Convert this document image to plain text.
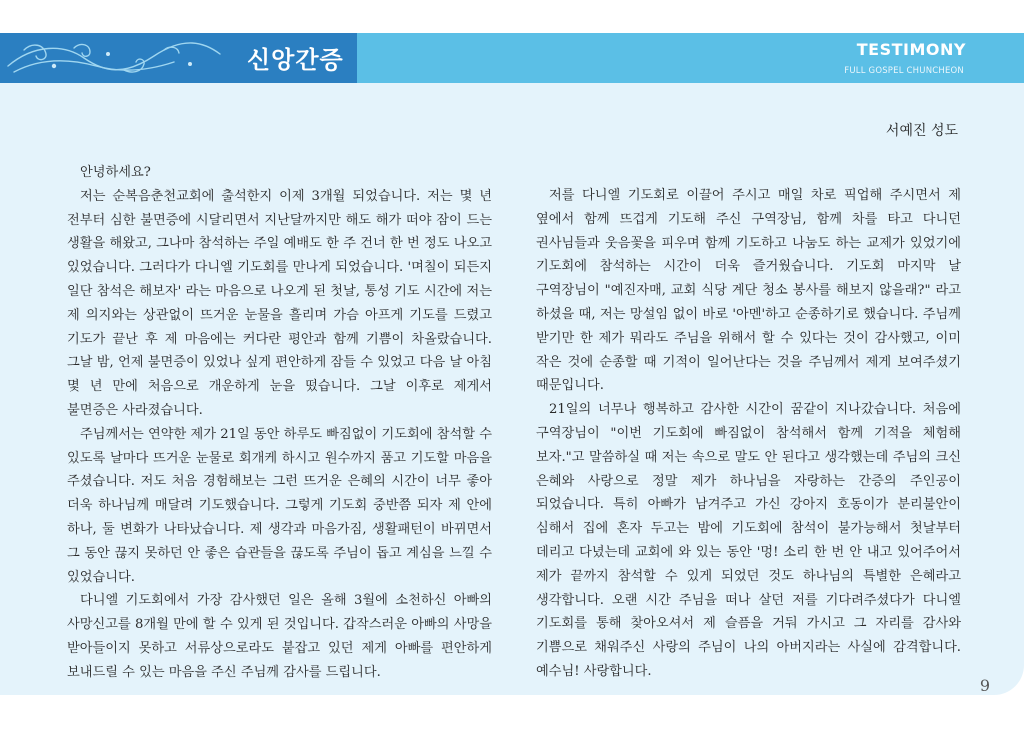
신앙간증	TESTIMONY
FULL GOSPEL CHUNCHEON
서예진 성도

안녕하세요?

저는 순복음춘천교회에 출석한지 이제 3개월 되었습니다. 저는 몇 년 전부터 심한 불면증에 시달리면서 지난달까지만 해도 해가 떠야 잠이 드는 생활을 해왔고, 그나마 참석하는 주일 예배도 한 주 건너 한 번 정도 나오고 있었습니다. 그러다가 다니엘 기도회를 만나게 되었습니다. '며칠이 되든지 일단 참석은 해보자' 라는 마음으로 나오게 된 첫날, 통성 기도 시간에 저는 제 의지와는 상관없이 뜨거운 눈물을 흘리며 가슴 아프게 기도를 드렸고 기도가 끝난 후 제 마음에는 커다란 평안과 함께 기쁨이 차올랐습니다. 그날 밤, 언제 불면증이 있었나 싶게 편안하게 잠들 수 있었고 다음 날 아침 몇 년 만에 처음으로 개운하게 눈을 떴습니다. 그날 이후로 제게서 불면증은 사라졌습니다.

주님께서는 연약한 제가 21일 동안 하루도 빠짐없이 기도회에 참석할 수 있도록 날마다 뜨거운 눈물로 회개케 하시고 원수까지 품고 기도할 마음을 주셨습니다. 저도 처음 경험해보는 그런 뜨거운 은혜의 시간이 너무 좋아 더욱 하나님께 매달려 기도했습니다. 그렇게 기도회 중반쯤 되자 제 안에 하나, 둘 변화가 나타났습니다. 제 생각과 마음가짐, 생활패턴이 바뀌면서 그 동안 끊지 못하던 안 좋은 습관들을 끊도록 주님이 돕고 계심을 느낄 수 있었습니다.

다니엘 기도회에서 가장 감사했던 일은 올해 3월에 소천하신 아빠의 사망신고를 8개월 만에 할 수 있게 된 것입니다. 갑작스러운 아빠의 사망을 받아들이지 못하고 서류상으로라도 붙잡고 있던 제게 아빠를 편안하게 보내드릴 수 있는 마음을 주신 주님께 감사를 드립니다.

저를 다니엘 기도회로 이끌어 주시고 매일 차로 픽업해 주시면서 제 옆에서 함께 뜨겁게 기도해 주신 구역장님, 함께 차를 타고 다니던 권사님들과 웃음꽃을 피우며 함께 기도하고 나눔도 하는 교제가 있었기에 기도회에 참석하는 시간이 더욱 즐거웠습니다. 기도회 마지막 날 구역장님이 "예진자매, 교회 식당 계단 청소 봉사를 해보지 않을래?" 라고 하셨을 때, 저는 망설임 없이 바로 '아멘'하고 순종하기로 했습니다. 주님께 받기만 한 제가 뭐라도 주님을 위해서 할 수 있다는 것이 감사했고, 이미 작은 것에 순종할 때 기적이 일어난다는 것을 주님께서 제게 보여주셨기 때문입니다.

21일의 너무나 행복하고 감사한 시간이 꿈같이 지나갔습니다. 처음에 구역장님이 "이번 기도회에 빠짐없이 참석해서 함께 기적을 체험해 보자."고 말씀하실 때 저는 속으로 말도 안 된다고 생각했는데 주님의 크신 은혜와 사랑으로 정말 제가 하나님을 자랑하는 간증의 주인공이 되었습니다. 특히 아빠가 남겨주고 가신 강아지 호동이가 분리불안이 심해서 집에 혼자 두고는 밤에 기도회에 참석이 불가능해서 첫날부터 데리고 다녔는데 교회에 와 있는 동안 '멍! 소리 한 번 안 내고 있어주어서 제가 끝까지 참석할 수 있게 되었던 것도 하나님의 특별한 은혜라고 생각합니다. 오랜 시간 주님을 떠나 살던 저를 기다려주셨다가 다니엘 기도회를 통해 찾아오셔서 제 슬픔을 거둬 가시고 그 자리를 감사와 기쁨으로 채워주신 사랑의 주님이 나의 아버지라는 사실에 감격합니다. 예수님! 사랑합니다.

9
